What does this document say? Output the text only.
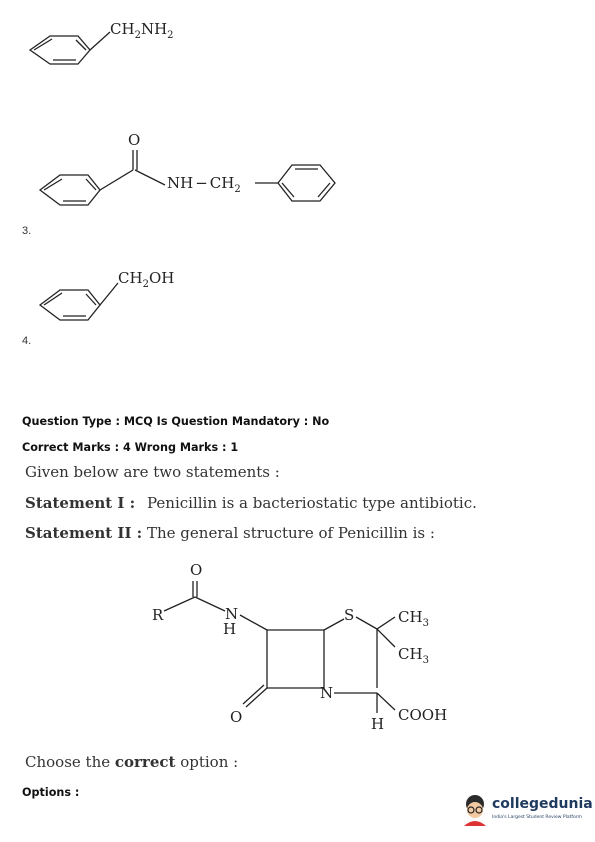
$CH_2NH_2$
3.
O
NH − $CH_2$
4.
$CH_2OH$
Question Type : MCQ Is Question Mandatory : No
Correct Marks : 4 Wrong Marks : 1
Given below are two statements :
Statement I : Penicillin is a bacteriostatic type antibiotic.
Statement II : The general structure of Penicillin is :
O
R	N
H
O
S	$CH_3$
$CH_3$
N
COOH
H
Choose the correct option :
Options :
collegedunia
India's Largest Student Review Platform
